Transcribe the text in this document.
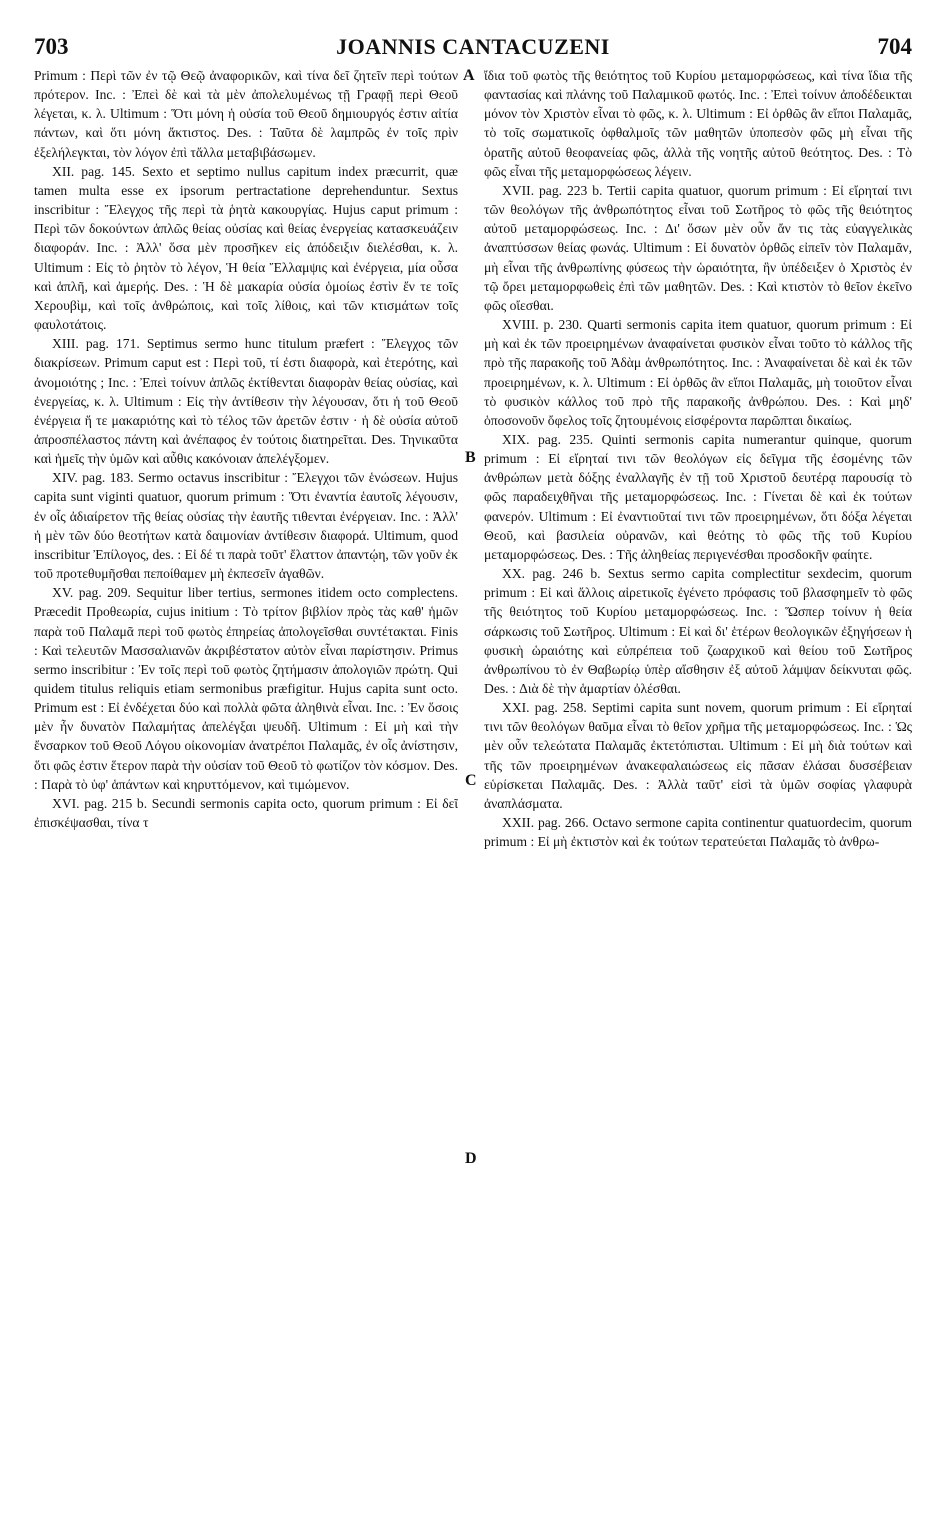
703	JOANNIS CANTACUZENI	704

Primum : Περὶ τῶν ἐν τῷ Θεῷ ἀναφορικῶν, καὶ τίνα δεῖ ζητεῖν περὶ τούτων πρότερον. Inc. : Ἐπεὶ δὲ καὶ τὰ μὲν ἀπολελυμένως τῇ Γραφῇ περὶ Θεοῦ λέγεται, κ. λ. Ultimum : Ὅτι μόνη ἡ οὐσία τοῦ Θεοῦ δημιουργός ἐστιν αἰτία πάντων, καὶ ὅτι μόνη ἄκτιστος. Des. : Ταῦτα δὲ λαμπρῶς ἐν τοῖς πρὶν ἐξελήλεγκται, τὸν λόγον ἐπὶ τἄλλα μεταβιβάσωμεν.

XII. pag. 145. Sexto et septimo nullus capitum index præcurrit, quæ tamen multa esse ex ipsorum pertractatione deprehenduntur. Sextus inscribitur : Ἔλεγχος τῆς περὶ τὰ ῥητὰ κακουργίας. Hujus caput primum : Περὶ τῶν δοκούντων ἁπλῶς θείας οὐσίας καὶ θείας ἐνεργείας κατασκευάζειν διαφοράν. Inc. : Ἀλλ' ὅσα μὲν προσῆκεν εἰς ἀπόδειξιν διελέσθαι, κ. λ. Ultimum : Εἰς τὸ ῥητὸν τὸ λέγον, Ἡ θεία Ἔλλαμψις καὶ ἐνέργεια, μία οὖσα καὶ ἁπλῆ, καὶ ἀμερής. Des. : Ἡ δὲ μακαρία οὐσία ὁμοίως ἐστὶν ἔν τε τοῖς Χερουβὶμ, καὶ τοῖς ἀνθρώποις, καὶ τοῖς λίθοις, καὶ τῶν κτισμάτων τοῖς φαυλοτάτοις.

XIII. pag. 171. Septimus sermo hunc titulum præfert : Ἔλεγχος τῶν διακρίσεων. Primum caput est : Περὶ τοῦ, τί ἐστι διαφορὰ, καὶ ἑτερότης, καὶ ἀνομοιότης ; Inc. : Ἐπεὶ τοίνυν ἁπλῶς ἐκτίθενται διαφορὰν θείας οὐσίας, καὶ ἐνεργείας, κ. λ. Ultimum : Εἰς τὴν ἀντίθεσιν τὴν λέγουσαν, ὅτι ἡ τοῦ Θεοῦ ἐνέργεια ἥ τε μακαριότης καὶ τὸ τέλος τῶν ἀρετῶν ἐστιν · ἡ δὲ οὐσία αὐτοῦ ἀπροσπέλαστος πάντη καὶ ἀνέπαφος ἐν τούτοις διατηρεῖται. Des. Τηνικαῦτα καὶ ἡμεῖς τὴν ὑμῶν καὶ αὖθις κακόνοιαν ἀπελέγξομεν.

XIV. pag. 183. Sermo octavus inscribitur : Ἔλεγχοι τῶν ἑνώσεων. Hujus capita sunt viginti quatuor, quorum primum : Ὅτι ἐναντία ἑαυτοῖς λέγουσιν, ἐν οἷς ἀδιαίρετον τῆς θείας οὐσίας τὴν ἑαυτῆς τιθενται ἐνέργειαν. Inc. : Ἀλλ' ἡ μὲν τῶν δύο θεοτήτων κατὰ δαιμονίαν ἀντίθεσιν διαφορά. Ultimum, quod inscribitur Ἐπίλογος, des. : Εἰ δέ τι παρὰ τοῦτ' ἔλαττον ἀπαντῴη, τῶν γοῦν ἐκ τοῦ προτεθυμῆσθαι πεποίθαμεν μὴ ἐκπεσεῖν ἀγαθῶν.

XV. pag. 209. Sequitur liber tertius, sermones itidem octo complectens. Præcedit Προθεωρία, cujus initium : Τὸ τρίτον βιβλίον πρὸς τὰς καθ' ἡμῶν παρὰ τοῦ Παλαμᾶ περὶ τοῦ φωτὸς ἐπηρείας ἀπολογεῖσθαι συντέτακται. Finis : Καὶ τελευτῶν Μασσαλιανῶν ἀκριβέστατον αὐτὸν εἶναι παρίστησιν. Primus sermo inscribitur : Ἐν τοῖς περὶ τοῦ φωτὸς ζητήμασιν ἀπολογιῶν πρώτη. Qui quidem titulus reliquis etiam sermonibus præfigitur. Hujus capita sunt octo. Primum est : Εἰ ἐνδέχεται δύο καὶ πολλὰ φῶτα ἀληθινὰ εἶναι. Inc. : Ἐν ὅσοις μὲν ἦν δυνατὸν Παλαμήτας ἀπελέγξαι ψευδῆ. Ultimum : Εἰ μὴ καὶ τὴν ἔνσαρκον τοῦ Θεοῦ Λόγου οἰκονομίαν ἀνατρέποι Παλαμᾶς, ἐν οἷς ἀνίστησιν, ὅτι φῶς ἐστιν ἕτερον παρὰ τὴν οὐσίαν τοῦ Θεοῦ τὸ φωτίζον τὸν κόσμον. Des. : Παρὰ τὸ ὑφ' ἁπάντων καὶ κηρυττόμενον, καὶ τιμώμενον.

XVI. pag. 215 b. Secundi sermonis capita octo, quorum primum : Εἰ δεῖ ἐπισκέψασθαι, τίνα τ

ἴδια τοῦ φωτὸς τῆς θειότητος τοῦ Κυρίου μεταμορφώσεως, καὶ τίνα ἴδια τῆς φαντασίας καὶ πλάνης τοῦ Παλαμικοῦ φωτός. Inc. : Ἐπεὶ τοίνυν ἀποδέδεικται μόνον τὸν Χριστὸν εἶναι τὸ φῶς, κ. λ. Ultimum : Εἰ ὀρθῶς ἂν εἴποι Παλαμᾶς, τὸ τοῖς σωματικοῖς ὀφθαλμοῖς τῶν μαθητῶν ὑποπεσὸν φῶς μὴ εἶναι τῆς ὁρατῆς αὐτοῦ θεοφανείας φῶς, ἀλλὰ τῆς νοητῆς αὐτοῦ θεότητος. Des. : Τὸ φῶς εἶναι τῆς μεταμορφώσεως λέγειν.

XVII. pag. 223 b. Tertii capita quatuor, quorum primum : Εἰ εἴρηταί τινι τῶν θεολόγων τῆς ἀνθρωπότητος εἶναι τοῦ Σωτῆρος τὸ φῶς τῆς θειότητος αὐτοῦ μεταμορφώσεως. Inc. : Δι' ὅσων μὲν οὖν ἄν τις τὰς εὐαγγελικὰς ἀναπτύσσων θείας φωνάς. Ultimum : Εἰ δυνατὸν ὀρθῶς εἰπεῖν τὸν Παλαμᾶν, μὴ εἶναι τῆς ἀνθρωπίνης φύσεως τὴν ὡραιότητα, ἣν ὑπέδειξεν ὁ Χριστὸς ἐν τῷ ὄρει μεταμορφωθεὶς ἐπὶ τῶν μαθητῶν. Des. : Καὶ κτιστὸν τὸ θεῖον ἐκεῖνο φῶς οἴεσθαι.

XVIII. p. 230. Quarti sermonis capita item quatuor, quorum primum : Εἰ μὴ καὶ ἐκ τῶν προειρημένων ἀναφαίνεται φυσικὸν εἶναι τοῦτο τὸ κάλλος τῆς πρὸ τῆς παρακοῆς τοῦ Ἀδὰμ ἀνθρωπότητος. Inc. : Ἀναφαίνεται δὲ καὶ ἐκ τῶν προειρημένων, κ. λ. Ultimum : Εἰ ὀρθῶς ἂν εἴποι Παλαμᾶς, μὴ τοιοῦτον εἶναι τὸ φυσικὸν κάλλος τοῦ πρὸ τῆς παρακοῆς ἀνθρώπου. Des. : Καὶ μηδ' ὁποσονοῦν ὄφελος τοῖς ζητουμένοις εἰσφέροντα παρῶπται δικαίως.

XIX. pag. 235. Quinti sermonis capita numerantur quinque, quorum primum : Εἰ εἴρηταί τινι τῶν θεολόγων εἰς δεῖγμα τῆς ἐσομένης τῶν ἀνθρώπων μετὰ δόξης ἐναλλαγῆς ἐν τῇ τοῦ Χριστοῦ δευτέρᾳ παρουσίᾳ τὸ φῶς παραδειχθῆναι τῆς μεταμορφώσεως. Inc. : Γίνεται δὲ καὶ ἐκ τούτων φανερόν. Ultimum : Εἰ ἐναντιοῦταί τινι τῶν προειρημένων, ὅτι δόξα λέγεται Θεοῦ, καὶ βασιλεία οὐρανῶν, καὶ θεότης τὸ φῶς τῆς τοῦ Κυρίου μεταμορφώσεως. Des. : Τῆς ἀληθείας περιγενέσθαι προσδοκῆν φαίητε.

XX. pag. 246 b. Sextus sermo capita complectitur sexdecim, quorum primum : Εἰ καὶ ἄλλοις αἱρετικοῖς ἐγένετο πρόφασις τοῦ βλασφημεῖν τὸ φῶς τῆς θειότητος τοῦ Κυρίου μεταμορφώσεως. Inc. : Ὥσπερ τοίνυν ἡ θεία σάρκωσις τοῦ Σωτῆρος. Ultimum : Εἰ καὶ δι' ἑτέρων θεολογικῶν ἐξηγήσεων ἡ φυσικὴ ὡραιότης καὶ εὐπρέπεια τοῦ ζωαρχικοῦ καὶ θείου τοῦ Σωτῆρος ἀνθρωπίνου τὸ ἐν Θαβωρίῳ ὑπὲρ αἴσθησιν ἐξ αὐτοῦ λάμψαν δείκνυται φῶς. Des. : Διὰ δὲ τὴν ἁμαρτίαν ὀλέσθαι.

XXI. pag. 258. Septimi capita sunt novem, quorum primum : Εἰ εἴρηταί τινι τῶν θεολόγων θαῦμα εἶναι τὸ θεῖον χρῆμα τῆς μεταμορφώσεως. Inc. : Ὡς μὲν οὖν τελεώτατα Παλαμᾶς ἐκτετόπισται. Ultimum : Εἰ μὴ διὰ τούτων καὶ τῆς τῶν προειρημένων ἀνακεφαλαιώσεως εἰς πᾶσαν ἐλάσαι δυσσέβειαν εὑρίσκεται Παλαμᾶς. Des. : Ἀλλὰ ταῦτ' εἰσὶ τὰ ὑμῶν σοφίας γλαφυρὰ ἀναπλάσματα.

XXII. pag. 266. Octavo sermone capita continentur quatuordecim, quorum primum : Εἰ μὴ ἐκτιστὸν καὶ ἐκ τούτων τερατεύεται Παλαμᾶς τὸ ἀνθρω-

A
B
C
D
